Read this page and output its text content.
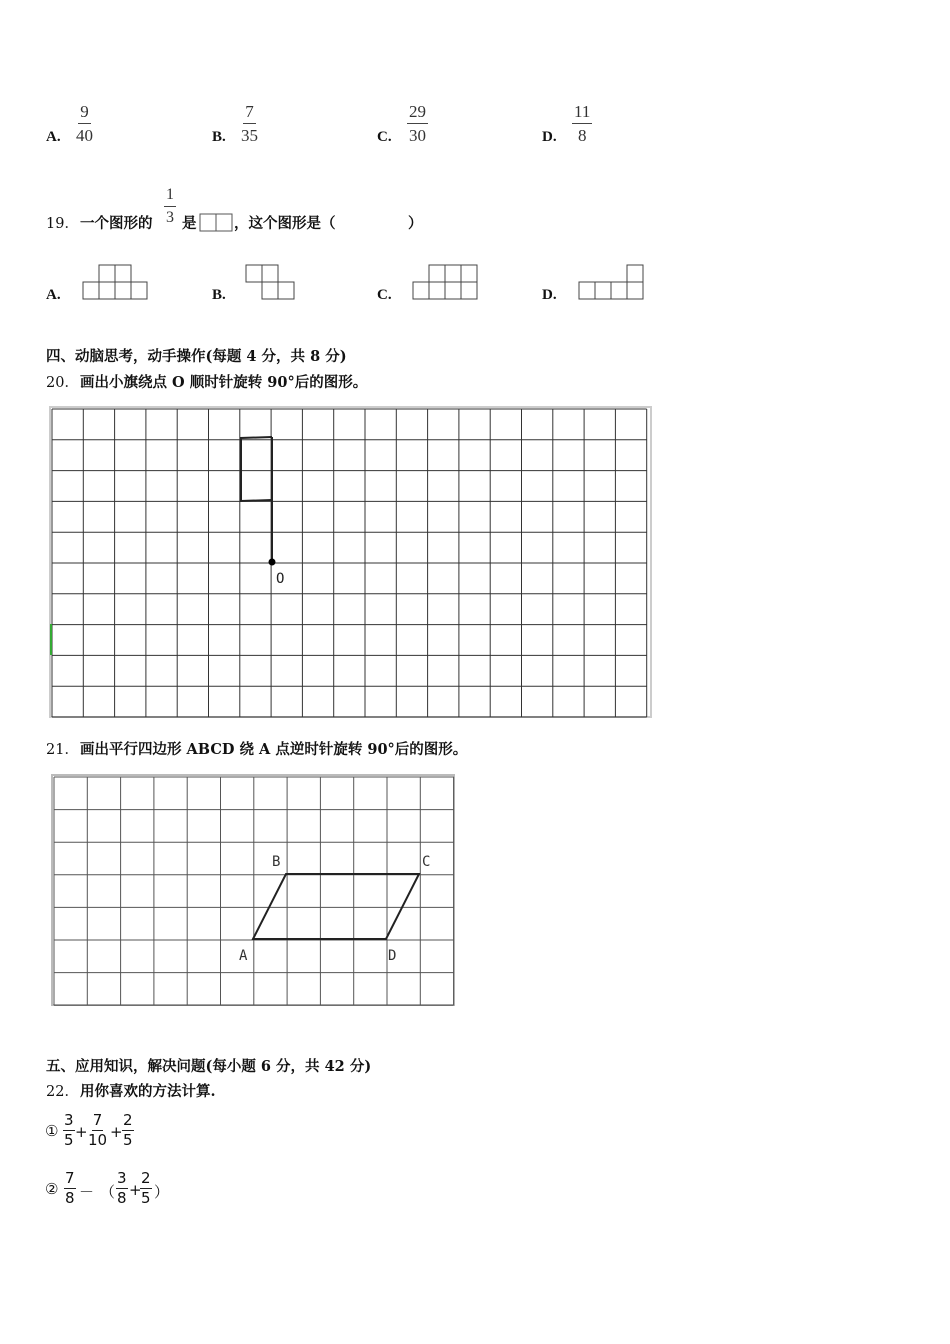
A. $\frac{9}{40}$	B. $\frac{7}{35}$	C. $\frac{29}{30}$	D. $\frac{11}{8}$
19． 一个图形的 $\frac{1}{3}$ 是	，这个图形是（　　　　　）
A.	B.	C.	D.
四、动脑思考，动手操作(每题 4 分，共 8 分)
20． 画出小旗绕点 O 顺时针旋转 90°后的图形。
O
21． 画出平行四边形 ABCD 绕 A 点逆时针旋转 90°后的图形。
B	C
A	D
五、应用知识，解决问题(每小题 6 分，共 42 分)
22． 用你喜欢的方法计算.
① $\frac{3}{5} + \frac{7}{10} + \frac{2}{5}$
② $\frac{7}{8}$ － （ $\frac{3}{8}$ +
$\frac{2}{5}$ ）
